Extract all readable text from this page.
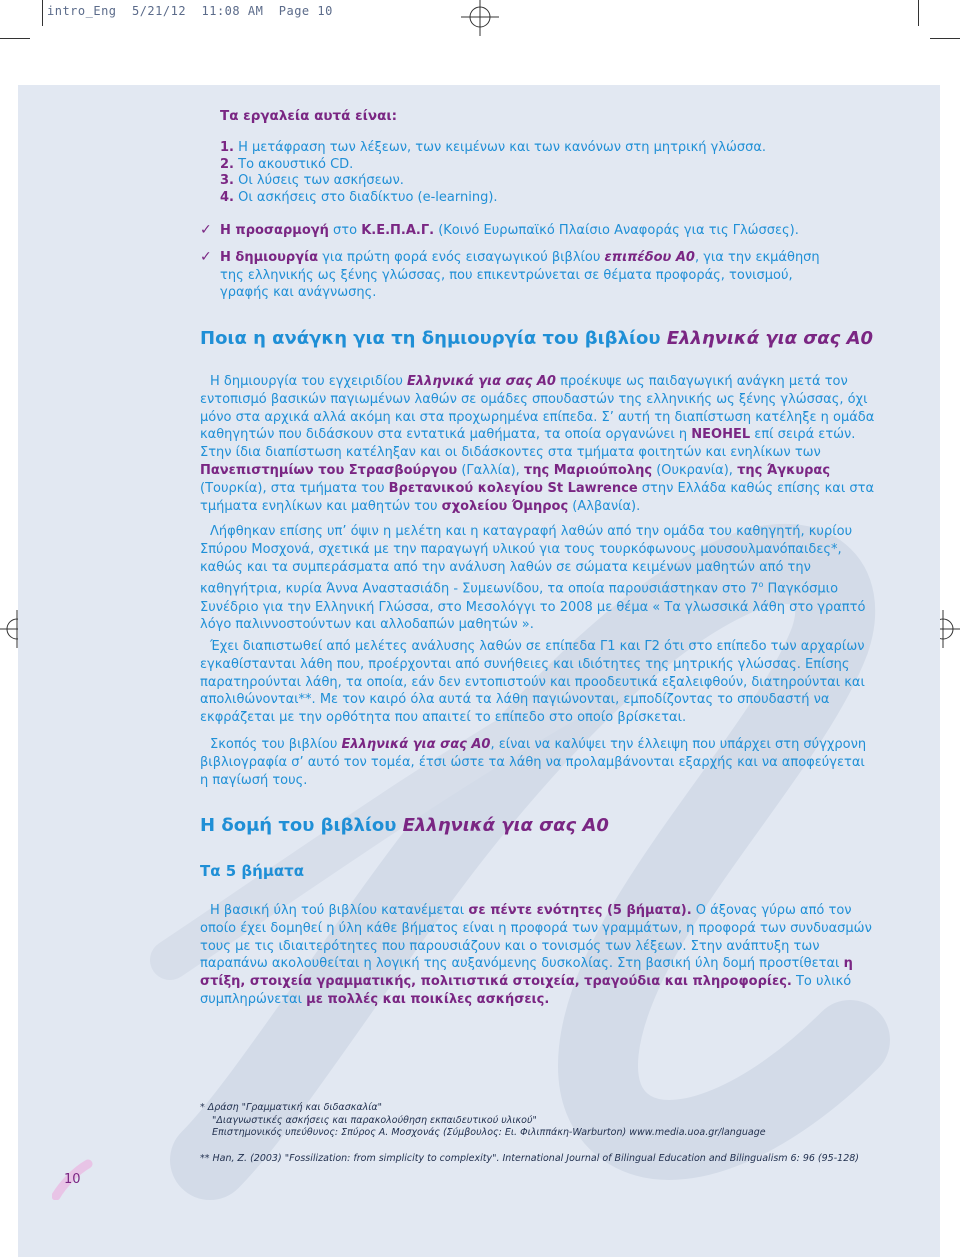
intro_Eng  5/21/12  11:08 AM  Page 10
Τα εργαλεία αυτά είναι:
1. Η μετάφραση των λέξεων, των κειμένων και των κανόνων στη μητρική γλώσσα.
2. Το ακουστικό CD.
3. Οι λύσεις των ασκήσεων.
4. Οι ασκήσεις στο διαδίκτυο (e-learning).
✓ Η προσαρμογή στο Κ.Ε.Π.Α.Γ. (Κοινό Ευρωπαϊκό Πλαίσιο Αναφοράς για τις Γλώσσες).
✓ Η δημιουργία για πρώτη φορά ενός εισαγωγικού βιβλίου επιπέδου Α0, για την εκμάθηση της ελληνικής ως ξένης γλώσσας, που επικεντρώνεται σε θέματα προφοράς, τονισμού, γραφής και ανάγνωσης.
Ποια η ανάγκη για τη δημιουργία του βιβλίου Ελληνικά για σας Α0

Η δημιουργία του εγχειριδίου Ελληνικά για σας Α0 προέκυψε ως παιδαγωγική ανάγκη μετά τον εντοπισμό βασικών παγιωμένων λαθών σε ομάδες σπουδαστών της ελληνικής ως ξένης γλώσσας, όχι μόνο στα αρχικά αλλά ακόμη και στα προχωρημένα επίπεδα. Σ’ αυτή τη διαπίστωση κατέληξε η ομάδα καθηγητών που διδάσκουν στα εντατικά μαθήματα, τα οποία οργανώνει η NEOHEL επί σειρά ετών. Στην ίδια διαπίστωση κατέληξαν και οι διδάσκοντες στα τμήματα φοιτητών και ενηλίκων των Πανεπιστημίων του Στρασβούργου (Γαλλία), της Μαριούπολης (Ουκρανία), της Άγκυρας (Τουρκία), στα τμήματα του Βρετανικού κολεγίου St Lawrence στην Ελλάδα καθώς επίσης και στα τμήματα ενηλίκων και μαθητών του σχολείου Όμηρος (Αλβανία).

Λήφθηκαν επίσης υπ’ όψιν η μελέτη και η καταγραφή λαθών από την ομάδα του καθηγητή, κυρίου Σπύρου Μοσχονά, σχετικά με την παραγωγή υλικού για τους τουρκόφωνους μουσουλμανόπαιδες*, καθώς και τα συμπεράσματα από την ανάλυση λαθών σε σώματα κειμένων μαθητών από την καθηγήτρια, κυρία Άννα Αναστασιάδη - Συμεωνίδου, τα οποία παρουσιάστηκαν στο $7^o$ Παγκόσμιο Συνέδριο για την Ελληνική Γλώσσα, στο Μεσολόγγι το 2008 με θέμα « Τα γλωσσικά λάθη στο γραπτό λόγο παλιννοστούντων και αλλοδαπών μαθητών ».

Έχει διαπιστωθεί από μελέτες ανάλυσης λαθών σε επίπεδα Γ1 και Γ2 ότι στο επίπεδο των αρχαρίων εγκαθίστανται λάθη που, προέρχονται από συνήθειες και ιδιότητες της μητρικής γλώσσας. Επίσης παρατηρούνται λάθη, τα οποία, εάν δεν εντοπιστούν και προοδευτικά εξαλειφθούν, διατηρούνται και απολιθώνονται**. Με τον καιρό όλα αυτά τα λάθη παγιώνονται, εμποδίζοντας το σπουδαστή να εκφράζεται με την ορθότητα που απαιτεί το επίπεδο στο οποίο βρίσκεται.

Σκοπός του βιβλίου Ελληνικά για σας Α0, είναι να καλύψει την έλλειψη που υπάρχει στη σύγχρονη βιβλιογραφία σ’ αυτό τον τομέα, έτσι ώστε τα λάθη να προλαμβάνονται εξαρχής και να αποφεύγεται η παγίωσή τους.

Η δομή του βιβλίου Ελληνικά για σας Α0
Τα 5 βήματα

Η βασική ύλη τού βιβλίου κατανέμεται σε πέντε ενότητες (5 βήματα). Ο άξονας γύρω από τον οποίο έχει δομηθεί η ύλη κάθε βήματος είναι η προφορά των γραμμάτων, η προφορά των συνδυασμών τους με τις ιδιαιτερότητες που παρουσιάζουν και ο τονισμός των λέξεων. Στην ανάπτυξη των παραπάνω ακολουθείται η λογική της αυξανόμενης δυσκολίας. Στη βασική ύλη δομή προστίθεται η στίξη, στοιχεία γραμματικής, πολιτιστικά στοιχεία, τραγούδια και πληροφορίες. Το υλικό συμπληρώνεται με πολλές και ποικίλες ασκήσεις.

* Δράση "Γραμματική και διδασκαλία"
"Διαγνωστικές ασκήσεις και παρακολούθηση εκπαιδευτικού υλικού"
Επιστημονικός υπεύθυνος: Σπύρος Α. Μοσχονάς (Σύμβουλος: Ει. Φιλιππάκη-Warburton) www.media.uoa.gr/language
** Han, Z. (2003) "Fossilization: from simplicity to complexity". International Journal of Bilingual Education and Bilingualism 6: 96 (95-128)
10
